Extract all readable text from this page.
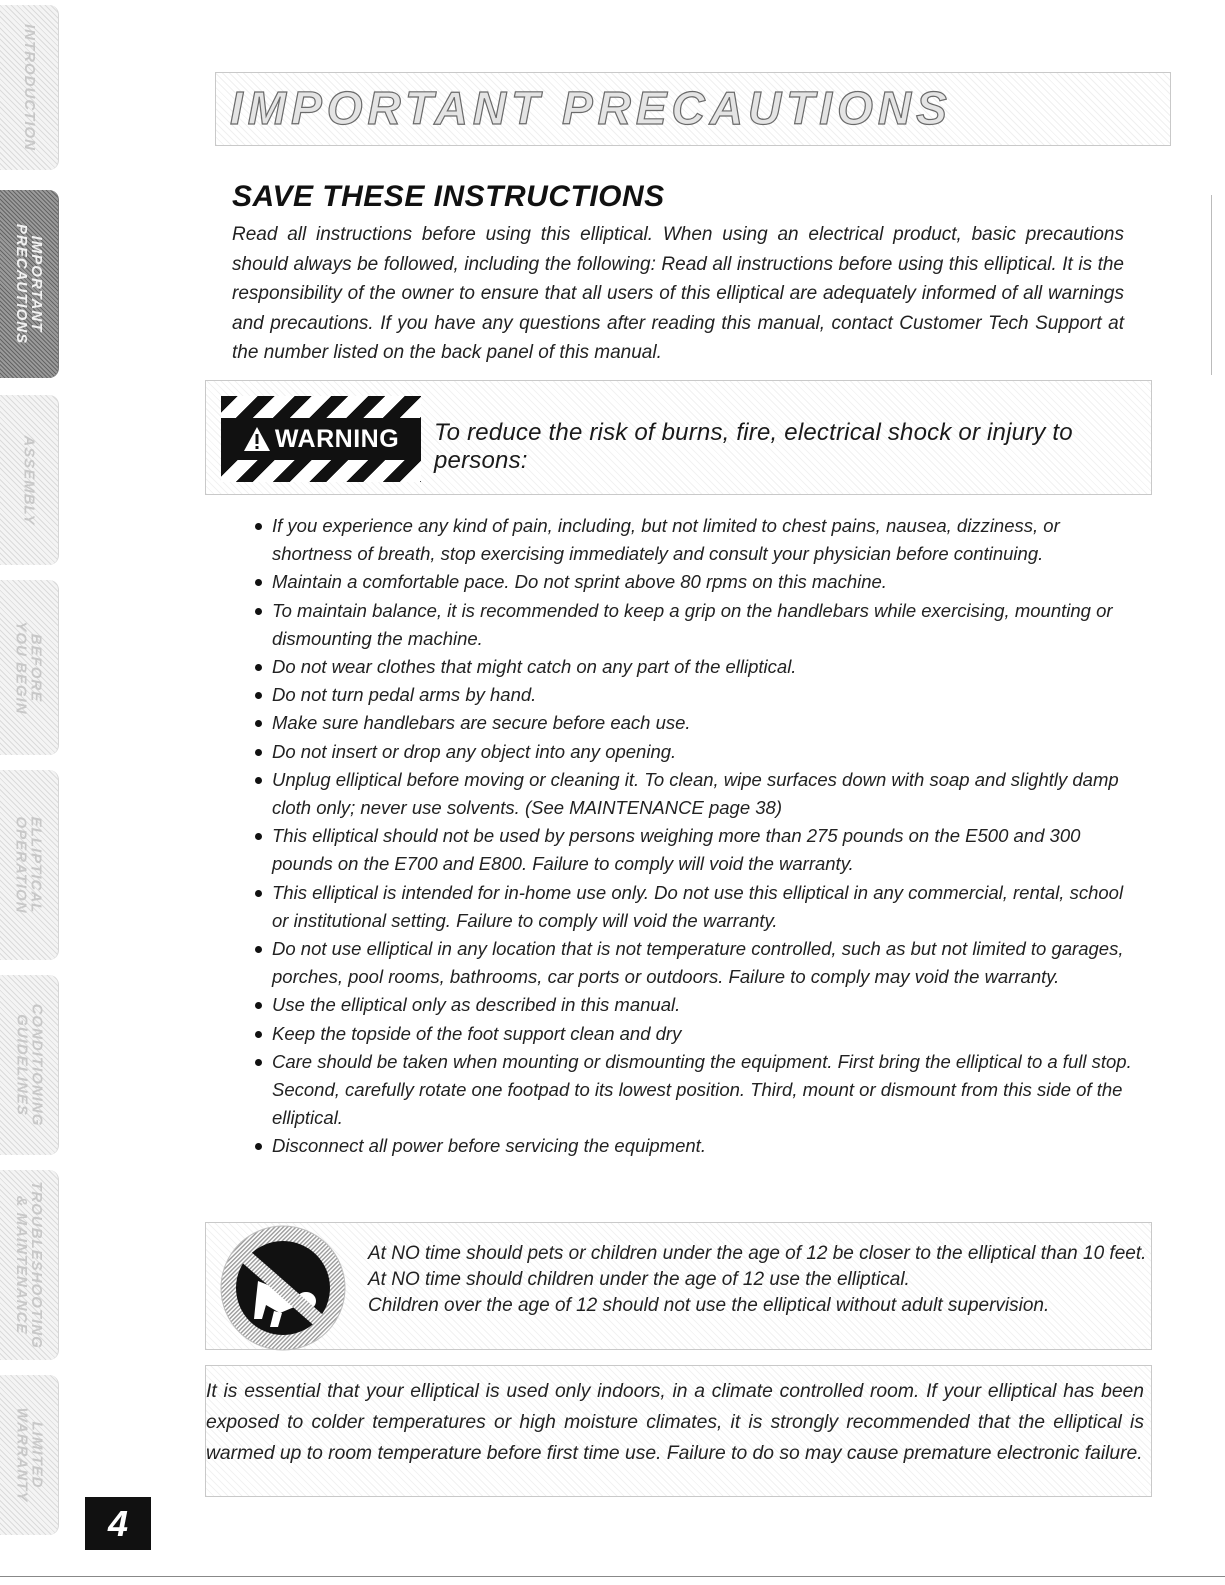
INTRODUCTION
IMPORTANT
PRECAUTIONS
ASSEMBLY
BEFORE
YOU BEGIN
ELLIPTICAL
OPERATION
CONDITIONING
GUIDELINES
TROUBLESHOOTING
& MAINTENANCE
LIMITED
WARRANTY
IMPORTANT PRECAUTIONS
SAVE THESE INSTRUCTIONS

Read all instructions before using this elliptical. When using an electrical product, basic precautions should always be followed, including the following: Read all instructions before using this elliptical. It is the responsibility of the owner to ensure that all users of this elliptical are adequately informed of all warnings and precautions. If you have any questions after reading this manual, contact Customer Tech Support at the number listed on the back panel of this manual.

WARNING To reduce the risk of burns, fire, electrical shock or injury to persons:
If you experience any kind of pain, including, but not limited to chest pains, nausea, dizziness, or shortness of breath, stop exercising immediately and consult your physician before continuing.
Maintain a comfortable pace. Do not sprint above 80 rpms on this machine.
To maintain balance, it is recommended to keep a grip on the handlebars while exercising, mounting or dismounting the machine.
Do not wear clothes that might catch on any part of the elliptical.
Do not turn pedal arms by hand.
Make sure handlebars are secure before each use.
Do not insert or drop any object into any opening.
Unplug elliptical before moving or cleaning it. To clean, wipe surfaces down with soap and slightly damp cloth only; never use solvents. (See MAINTENANCE page 38)
This elliptical should not be used by persons weighing more than 275 pounds on the E500 and 300 pounds on the E700 and E800. Failure to comply will void the warranty.
This elliptical is intended for in-home use only. Do not use this elliptical in any commercial, rental, school or institutional setting. Failure to comply will void the warranty.
Do not use elliptical in any location that is not temperature controlled, such as but not limited to garages, porches, pool rooms, bathrooms, car ports or outdoors. Failure to comply may void the warranty.
Use the elliptical only as described in this manual.
Keep the topside of the foot support clean and dry
Care should be taken when mounting or dismounting the equipment. First bring the elliptical to a full stop. Second, carefully rotate one footpad to its lowest position. Third, mount or dismount from this side of the elliptical.
Disconnect all power before servicing the equipment.
At NO time should pets or children under the age of 12 be closer to the elliptical than 10 feet.
At NO time should children under the age of 12 use the elliptical.
Children over the age of 12 should not use the elliptical without adult supervision.

It is essential that your elliptical is used only indoors, in a climate controlled room. If your elliptical has been exposed to colder temperatures or high moisture climates, it is strongly recommended that the elliptical is warmed up to room temperature before first time use. Failure to do so may cause premature electronic failure.

4
